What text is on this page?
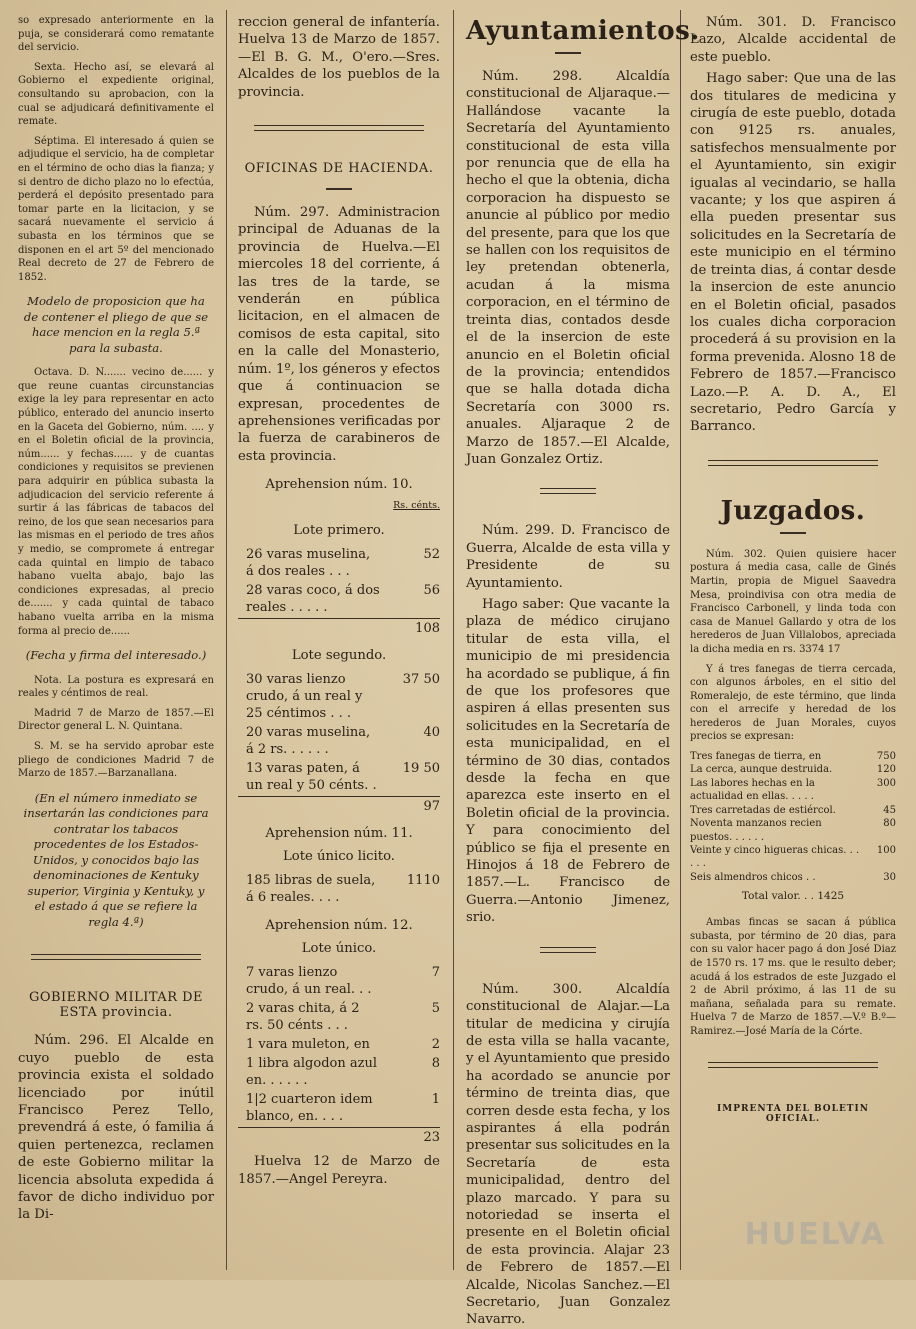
so expresado anteriormente en la puja, se considerará como rematante del servicio.

Sexta. Hecho así, se elevará al Gobierno el expediente original, consultando su aprobacion, con la cual se adjudicará definitivamente el remate.

Séptima. El interesado á quien se adjudique el servicio, ha de completar en el término de ocho dias la fianza; y si dentro de dicho plazo no lo efectúa, perderá el depósito presentado para tomar parte en la licitacion, y se sacará nuevamente el servicio á subasta en los términos que se disponen en el art 5º del mencionado Real decreto de 27 de Febrero de 1852.

Modelo de proposicion que ha de contener el pliego de que se hace mencion en la regla 5.ª para la subasta.

Octava. D. N....... vecino de...... y que reune cuantas circunstancias exige la ley para representar en acto público, enterado del anuncio inserto en la Gaceta del Gobierno, núm. .... y en el Boletin oficial de la provincia, núm...... y fechas...... y de cuantas condiciones y requisitos se previenen para adquirir en pública subasta la adjudicacion del servicio referente á surtir á las fábricas de tabacos del reino, de los que sean necesarios para las mismas en el periodo de tres años y medio, se compromete á entregar cada quintal en limpio de tabaco habano vuelta abajo, bajo las condiciones expresadas, al precio de....... y cada quintal de tabaco habano vuelta arriba en la misma forma al precio de......

(Fecha y firma del interesado.)

Nota. La postura es expresará en reales y céntimos de real.

Madrid 7 de Marzo de 1857.—El Director general L. N. Quintana.

S. M. se ha servido aprobar este pliego de condiciones Madrid 7 de Marzo de 1857.—Barzanallana.

(En el número inmediato se insertarán las condiciones para contratar los tabacos procedentes de los Estados-Unidos, y conocidos bajo las denominaciones de Kentuky superior, Virginia y Kentuky, y el estado á que se refiere la regla 4.ª)

GOBIERNO MILITAR DE ESTA provincia.

Núm. 296. El Alcalde en cuyo pueblo de esta provincia exista el soldado licenciado por inútil Francisco Perez Tello, prevendrá á este, ó familia á quien pertenezca, reclamen de este Gobierno militar la licencia absoluta expedida á favor de dicho individuo por la Di-

reccion general de infantería. Huelva 13 de Marzo de 1857. —El B. G. M., O'ero.—Sres. Alcaldes de los pueblos de la provincia.

OFICINAS DE HACIENDA.

Núm. 297. Administracion principal de Aduanas de la provincia de Huelva.—El miercoles 18 del corriente, á las tres de la tarde, se venderán en pública licitacion, en el almacen de comisos de esta capital, sito en la calle del Monasterio, núm. 1º, los géneros y efectos que á continuacion se expresan, procedentes de aprehensiones verificadas por la fuerza de carabineros de esta provincia.

Aprehension núm. 10.

Rs. cénts.

Lote primero.

26 varas muselina, á dos reales . . .
52
28 varas coco, á dos reales . . . . .
56
108

Lote segundo.

30 varas lienzo crudo, á un real y 25 céntimos . . .
37 50
20 varas muselina, á 2 rs. . . . . .
40
13 varas paten, á un real y 50 cénts. .
19 50
97

Aprehension núm. 11.

Lote único licito.

185 libras de suela, á 6 reales. . . .
1110

Aprehension núm. 12.

Lote único.

7 varas lienzo crudo, á un real. . .
7
2 varas chita, á 2 rs. 50 cénts . . .
5
1 vara muleton, en	2
1 libra algodon azul en. . . . . .
8
1|2 cuarteron idem blanco, en. . . .
1
23

Huelva 12 de Marzo de 1857.—Angel Pereyra.

Ayuntamientos.

Núm. 298. Alcaldía constitucional de Aljaraque.—Hallándose vacante la Secretaría del Ayuntamiento constitucional de esta villa por renuncia que de ella ha hecho el que la obtenia, dicha corporacion ha dispuesto se anuncie al público por medio del presente, para que los que se hallen con los requisitos de ley pretendan obtenerla, acudan á la misma corporacion, en el término de treinta dias, contados desde el de la insercion de este anuncio en el Boletin oficial de la provincia; entendidos que se halla dotada dicha Secretaría con 3000 rs. anuales. Aljaraque 2 de Marzo de 1857.—El Alcalde, Juan Gonzalez Ortiz.

Núm. 299. D. Francisco de Guerra, Alcalde de esta villa y Presidente de su Ayuntamiento.

Hago saber: Que vacante la plaza de médico cirujano titular de esta villa, el municipio de mi presidencia ha acordado se publique, á fin de que los profesores que aspiren á ellas presenten sus solicitudes en la Secretaría de esta municipalidad, en el término de 30 dias, contados desde la fecha en que aparezca este inserto en el Boletin oficial de la provincia. Y para conocimiento del público se fija el presente en Hinojos á 18 de Febrero de 1857.—L. Francisco de Guerra.—Antonio Jimenez, srio.

Núm. 300. Alcaldía constitucional de Alajar.—La titular de medicina y cirujía de esta villa se halla vacante, y el Ayuntamiento que presido ha acordado se anuncie por término de treinta dias, que corren desde esta fecha, y los aspirantes á ella podrán presentar sus solicitudes en la Secretaría de esta municipalidad, dentro del plazo marcado. Y para su notoriedad se inserta el presente en el Boletin oficial de esta provincia. Alajar 23 de Febrero de 1857.—El Alcalde, Nicolas Sanchez.—El Secretario, Juan Gonzalez Navarro.

Núm. 301. D. Francisco Lazo, Alcalde accidental de este pueblo.

Hago saber: Que una de las dos titulares de medicina y cirugía de este pueblo, dotada con 9125 rs. anuales, satisfechos mensualmente por el Ayuntamiento, sin exigir igualas al vecindario, se halla vacante; y los que aspiren á ella pueden presentar sus solicitudes en la Secretaría de este municipio en el término de treinta dias, á contar desde la insercion de este anuncio en el Boletin oficial, pasados los cuales dicha corporacion procederá á su provision en la forma prevenida. Alosno 18 de Febrero de 1857.—Francisco Lazo.—P. A. D. A., El secretario, Pedro García y Barranco.

Juzgados.

Núm. 302. Quien quisiere hacer postura á media casa, calle de Ginés Martin, propia de Miguel Saavedra Mesa, proindivisa con otra media de Francisco Carbonell, y linda toda con casa de Manuel Gallardo y otra de los herederos de Juan Villalobos, apreciada la dicha media en rs. 3374 17

Y á tres fanegas de tierra cercada, con algunos árboles, en el sitio del Romeralejo, de este término, que linda con el arrecife y heredad de los herederos de Juan Morales, cuyos precios se expresan:

Tres fanegas de tierra, en	750
La cerca, aunque destruida.	120
Las labores hechas en la actualidad en ellas. . . . .
300
Tres carretadas de estiércol.	45
Noventa manzanos recien puestos. . . . . .
80
Veinte y cinco higueras chicas. . . . . .
100
Seis almendros chicos . .	30
Total valor. . . 1425

Ambas fincas se sacan á pública subasta, por término de 20 dias, para con su valor hacer pago á don José Diaz de 1570 rs. 17 ms. que le resulto deber; acudá á los estrados de este Juzgado el 2 de Abril próximo, á las 11 de su mañana, señalada para su remate. Huelva 7 de Marzo de 1857.—V.º B.º—Ramirez.—José María de la Córte.

IMPRENTA DEL BOLETIN OFICIAL.

HUELVA
